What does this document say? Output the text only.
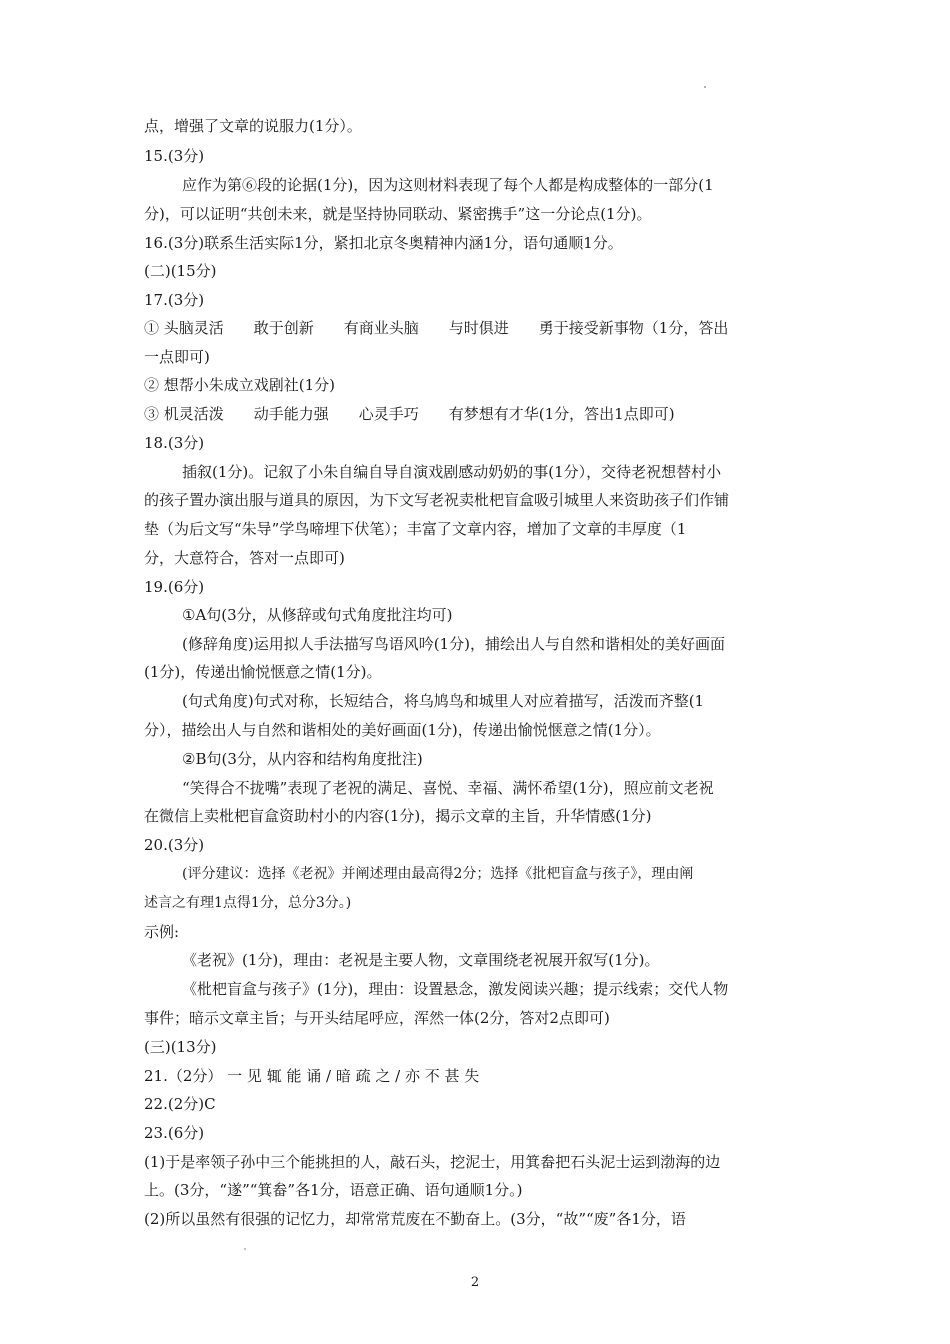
点，增强了文章的说服力(1分）。
15.(3分)
应作为第⑥段的论据(1分)，因为这则材料表现了每个人都是构成整体的一部分(1
分)，可以证明“共创未来，就是坚持协同联动、紧密携手”这一分论点(1分)。
16.(3分)联系生活实际1分，紧扣北京冬奥精神内涵1分，语句通顺1分。
(二)(15分)
17.(3分)
① 头脑灵活　　敢于创新　　有商业头脑　　与时俱进　　勇于接受新事物（1分，答出
一点即可)
② 想帮小朱成立戏剧社(1分)
③ 机灵活泼　　动手能力强　　心灵手巧　　有梦想有才华(1分，答出1点即可)
18.(3分)
插叙(1分)。记叙了小朱自编自导自演戏剧感动奶奶的事(1分），交待老祝想替村小
的孩子置办演出服与道具的原因，为下文写老祝卖枇杷盲盒吸引城里人来资助孩子们作铺
垫（为后文写“朱导”学鸟啼埋下伏笔）；丰富了文章内容，增加了文章的丰厚度（1
分，大意符合，答对一点即可)
19.(6分)
①A句(3分，从修辞或句式角度批注均可)
(修辞角度)运用拟人手法描写鸟语风吟(1分)，捕绘出人与自然和谐相处的美好画面
(1分)，传递出愉悦惬意之情(1分)。
(句式角度)句式对称，长短结合，将乌鸠鸟和城里人对应着描写，活泼而齐整(1
分），描绘出人与自然和谐相处的美好画面(1分)，传递出愉悦惬意之情(1分）。
②B句(3分，从内容和结构角度批注)
“笑得合不拢嘴”表现了老祝的满足、喜悦、幸福、满怀希望(1分)，照应前文老祝
在微信上卖枇杷盲盒资助村小的内容(1分)，揭示文章的主旨，升华情感(1分)
20.(3分)
(评分建议：选择《老祝》并阐述理由最高得2分；选择《批杷盲盒与孩子》，理由阐
述言之有理1点得1分，总分3分。)
示例:
《老祝》(1分)，理由：老祝是主要人物，文章围绕老祝展开叙写(1分)。
《枇杷盲盒与孩子》(1分)，理由：设置悬念，激发阅读兴趣；提示线索；交代人物
事件；暗示文章主旨；与开头结尾呼应，浑然一体(2分，答对2点即可)
(三)(13分)
21.（2分） 一 见 辄 能 诵 / 暗 疏 之 / 亦 不 甚 失
22.(2分)C
23.(6分)
(1)于是率领子孙中三个能挑担的人，敲石头，挖泥士，用箕畚把石头泥士运到渤海的边
上。(3分，“遂”“箕畚”各1分，语意正确、语句通顺1分。)
(2)所以虽然有很强的记忆力，却常常荒废在不勤奋上。(3分，“故”“废”各1分，语
2
